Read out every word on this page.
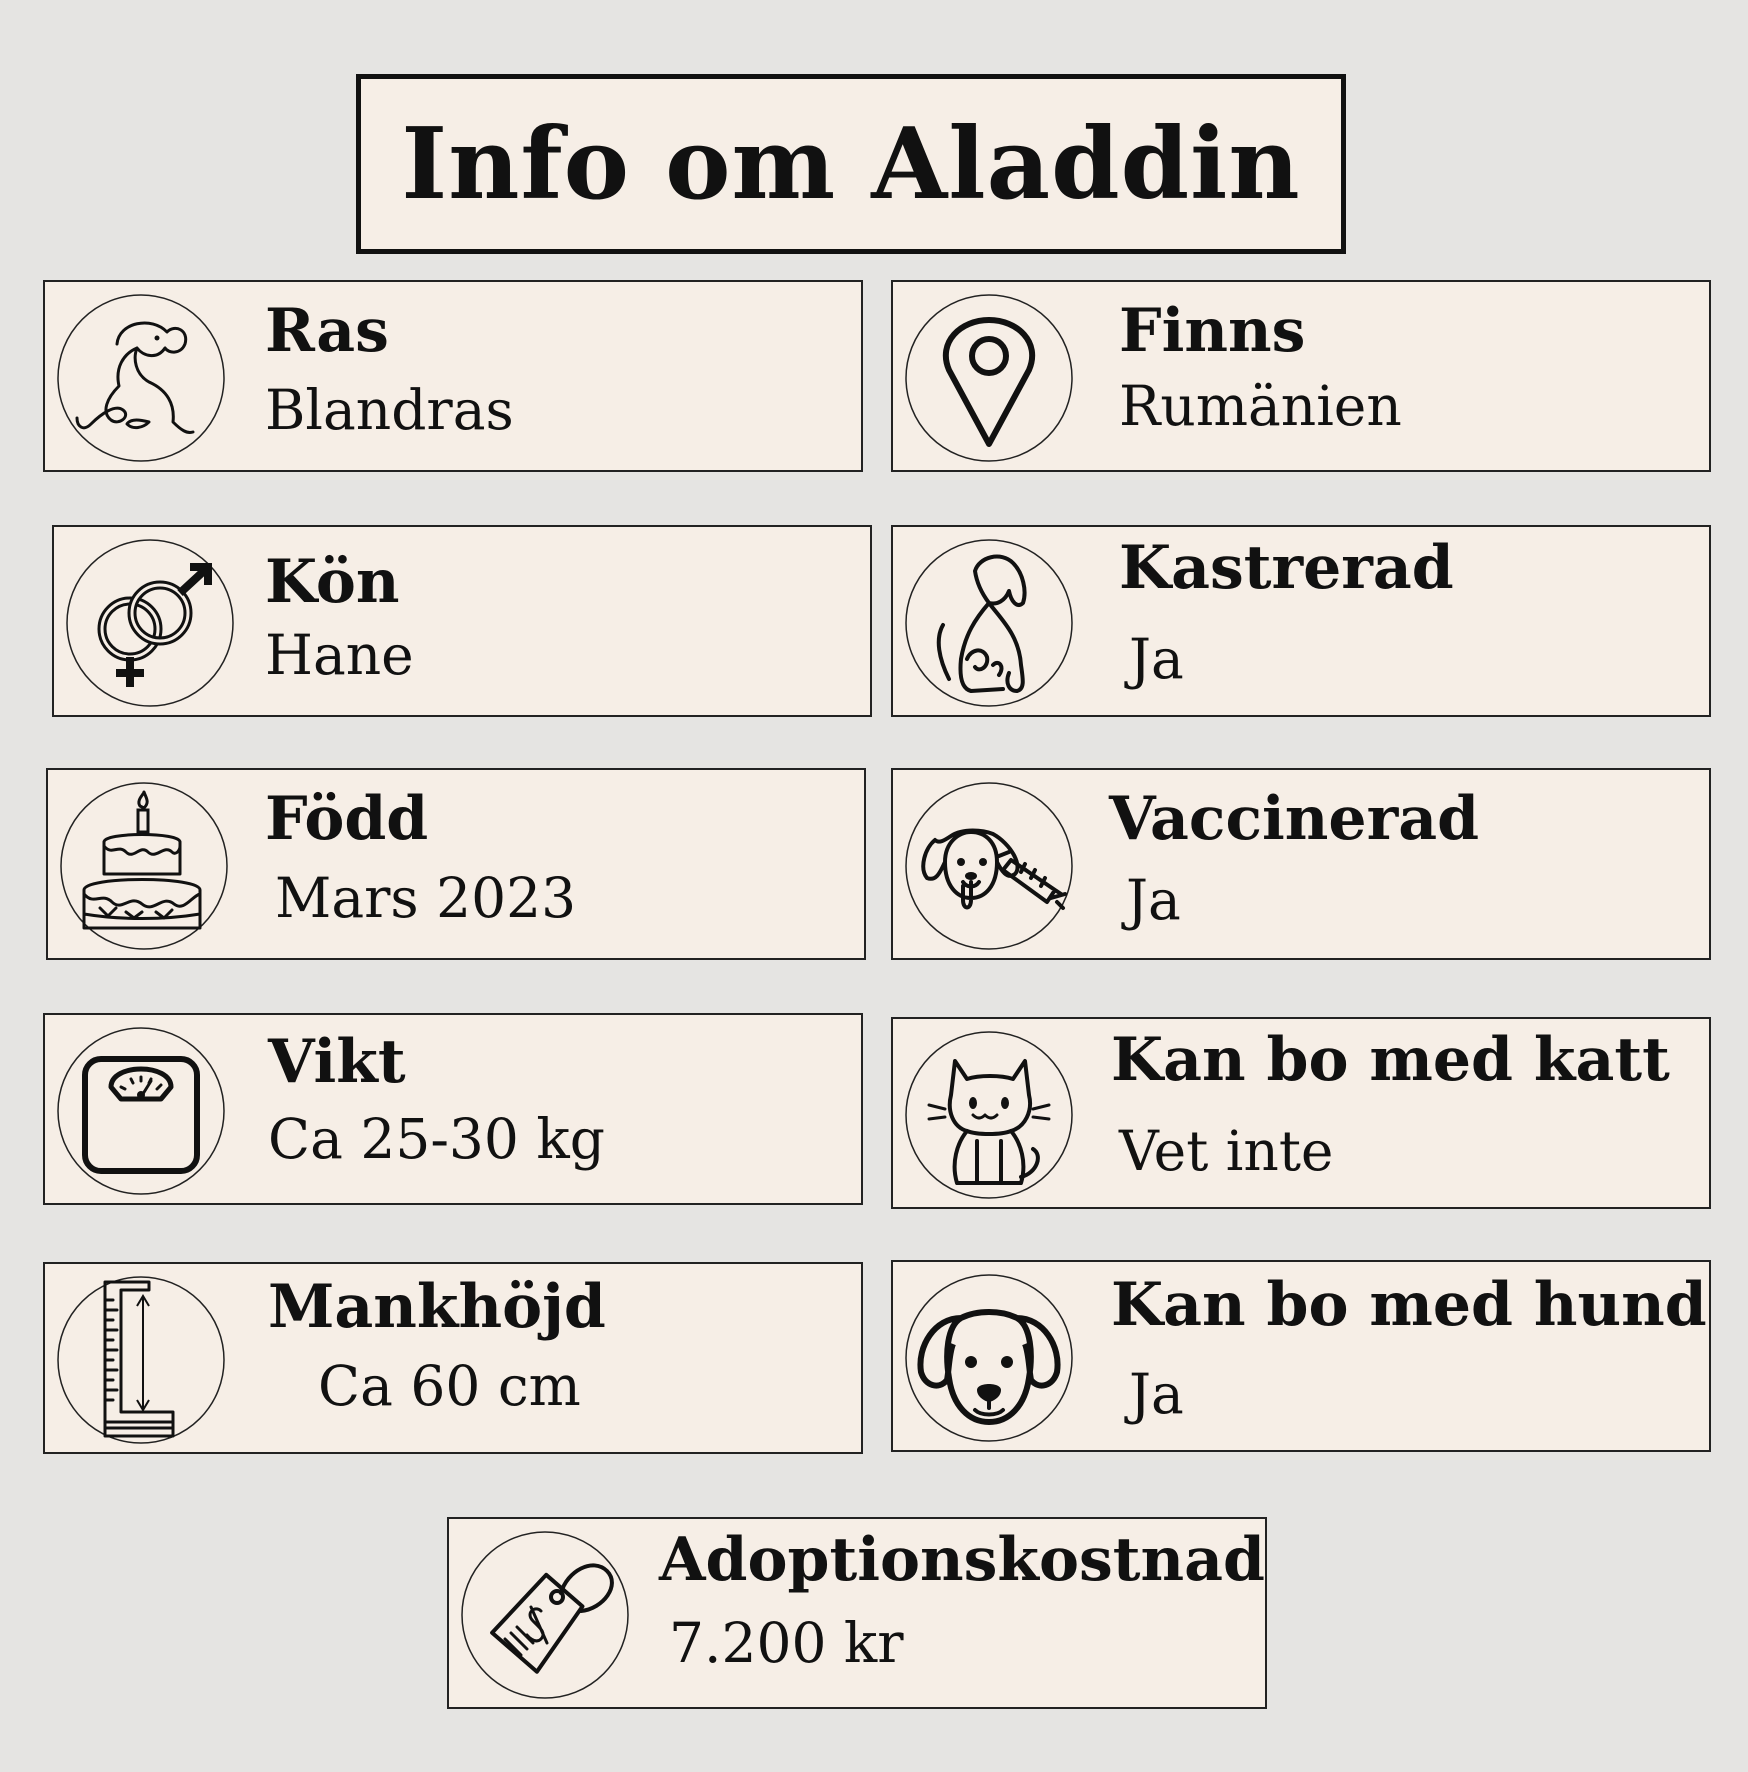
Info om Aladdin
Ras
Blandras
Finns
Rumänien
Kön
Hane
Kastrerad
Ja
Född
Mars 2023
Vaccinerad
Ja
Vikt
Ca 25-30 kg
Kan bo med katt
Vet inte
Mankhöjd
Ca 60 cm
Kan bo med hund
Ja
Adoptionskostnad
7.200 kr
